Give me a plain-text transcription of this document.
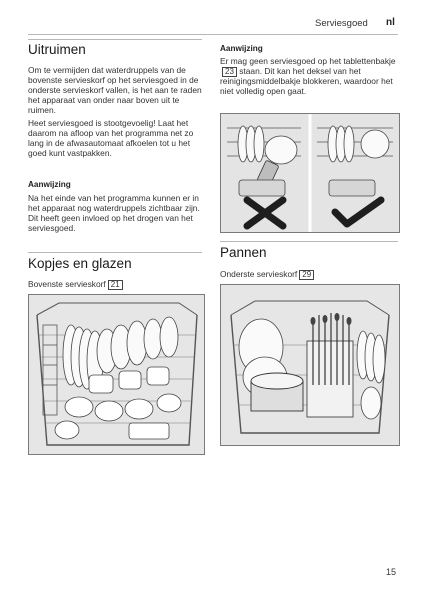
Serviesgoed nl
Uitruimen

Om te vermijden dat waterdruppels van de bovenste servieskorf op het serviesgoed in de onderste servieskorf vallen, is het aan te raden het apparaat van onder naar boven uit te ruimen.

Heet serviesgoed is stootgevoelig! Laat het daarom na afloop van het programma net zo lang in de afwasautomaat afkoelen tot u het goed kunt vastpakken.

Aanwijzing

Na het einde van het programma kunnen er in het apparaat nog waterdruppels zichtbaar zijn. Dit heeft geen invloed op het drogen van het serviesgoed.

Kopjes en glazen
Bovenste servieskorf 21
Aanwijzing

Er mag geen serviesgoed op het tablettenbakje 23 staan. Dit kan het deksel van het reinigingsmiddelbakje blokkeren, waardoor het niet volledig open gaat.

Pannen
Onderste servieskorf 29
15
